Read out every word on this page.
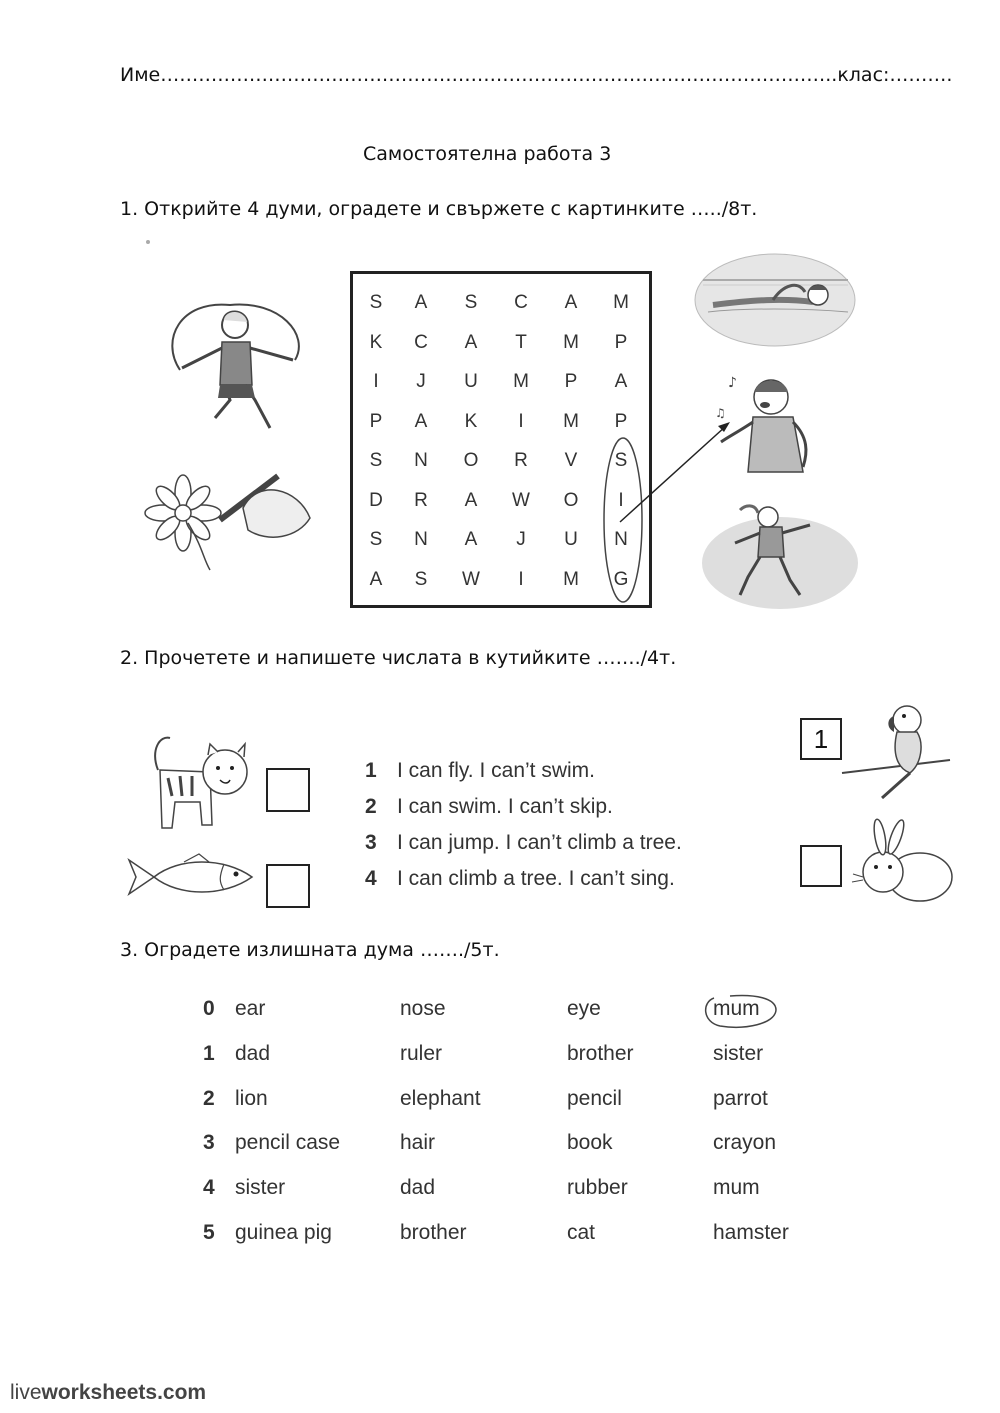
Име……………………………………………………………………………………………..клас:……….
Самостоятелна работа 3
1. Открийте 4 думи, оградете и свържете с картинките …../8т.
S	A	S	C	A	M
K	C	A	T	M	P
I	J	U	M	P	A
P	A	K	I	M	P
S	N	O	R	V	S
D	R	A	W	O	I
S	N	A	J	U	N
A	S	W	I	M	G
♪
♫
2. Прочетете и напишете числата в кутийките ……./4т.
1 I can fly. I can’t swim.
2 I can swim. I can’t skip.
3 I can jump. I can’t climb a tree.
4 I can climb a tree. I can’t sing.
1
3. Оградете излишната дума ……./5т.
0 ear	nose	eye	mum
1 dad	ruler	brother	sister
2 lion	elephant	pencil	parrot
3 pencil case	hair	book	crayon
4 sister	dad	rubber	mum
5 guinea pig	brother	cat	hamster
liveworksheets.com
